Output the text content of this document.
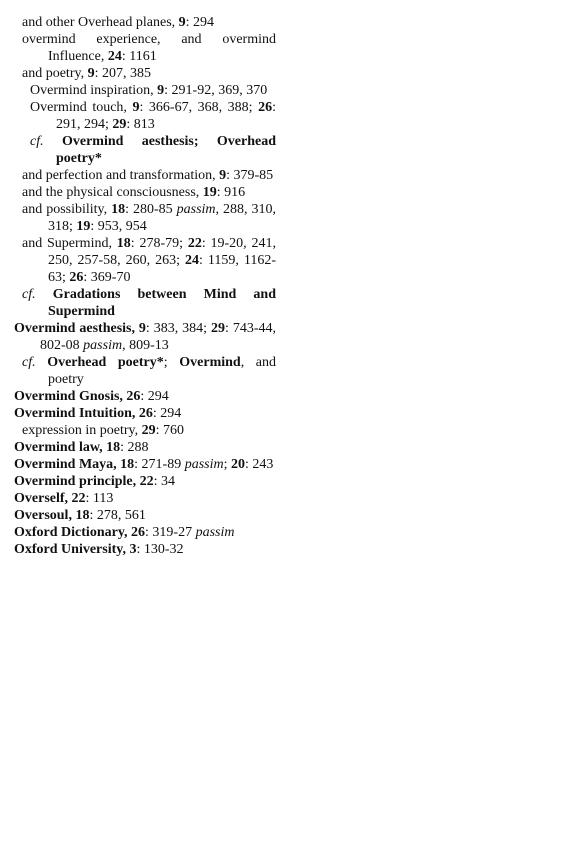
and other Overhead planes, 9: 294
overmind experience, and overmind Influence, 24: 1161
and poetry, 9: 207, 385
Overmind inspiration, 9: 291-92, 369, 370
Overmind touch, 9: 366-67, 368, 388; 26: 291, 294; 29: 813
cf. Overmind aesthesis; Overhead poetry*
and perfection and transformation, 9: 379-85
and the physical consciousness, 19: 916
and possibility, 18: 280-85 passim, 288, 310, 318; 19: 953, 954
and Supermind, 18: 278-79; 22: 19-20, 241, 250, 257-58, 260, 263; 24: 1159, 1162-63; 26: 369-70
cf. Gradations between Mind and Supermind
Overmind aesthesis, 9: 383, 384; 29: 743-44, 802-08 passim, 809-13
cf. Overhead poetry*; Overmind, and poetry
Overmind Gnosis, 26: 294
Overmind Intuition, 26: 294
expression in poetry, 29: 760
Overmind law, 18: 288
Overmind Maya, 18: 271-89 passim; 20: 243
Overmind principle, 22: 34
Overself, 22: 113
Oversoul, 18: 278, 561
Oxford Dictionary, 26: 319-27 passim
Oxford University, 3: 130-32
